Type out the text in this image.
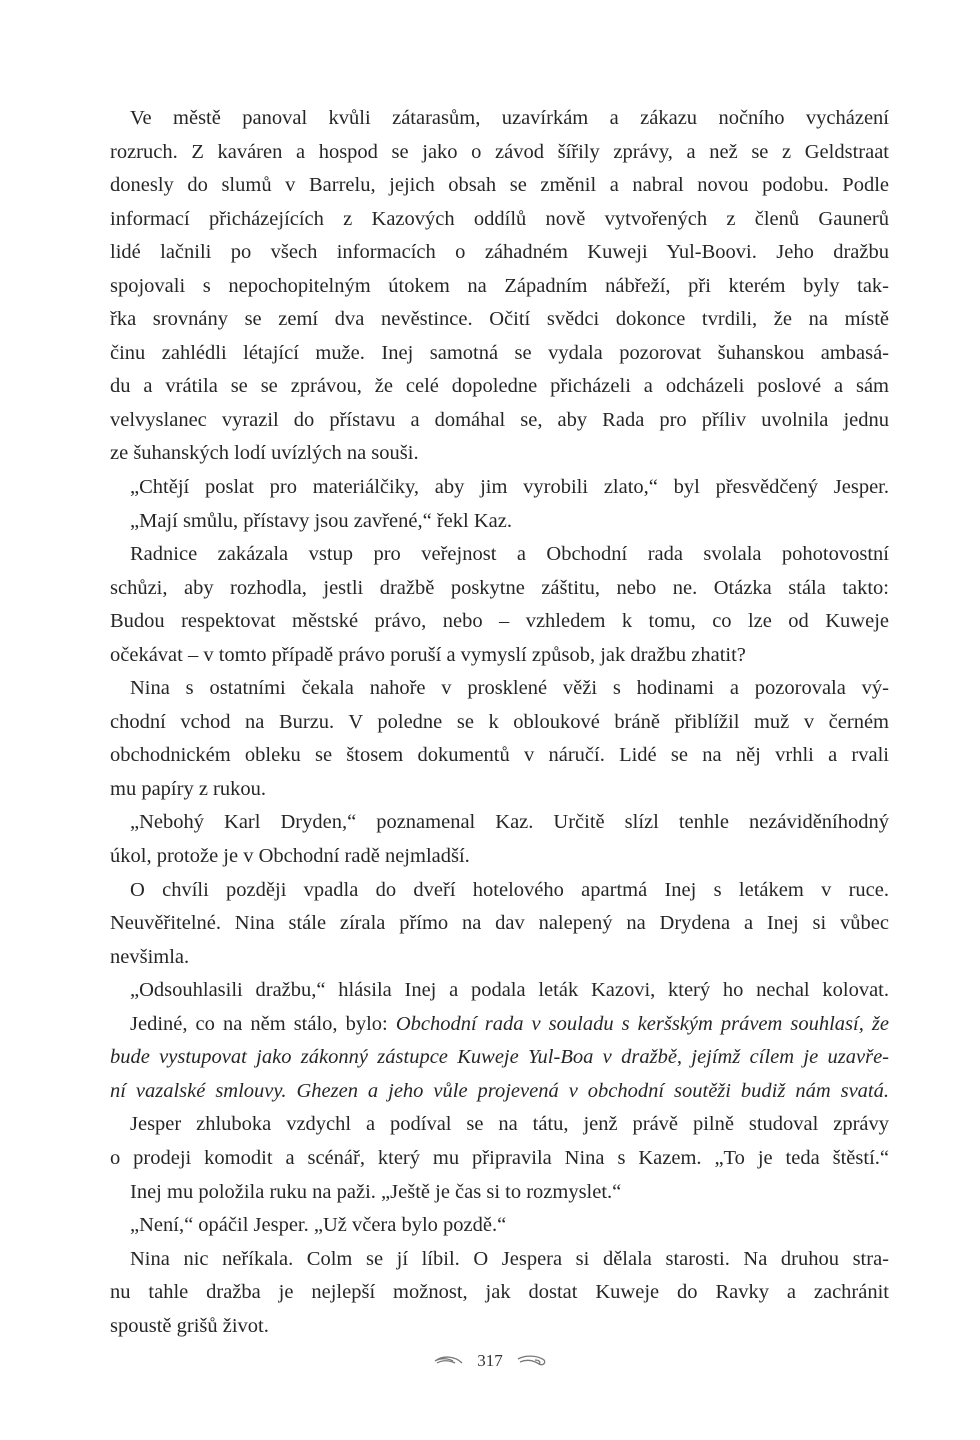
Ve městě panoval kvůli zátarasům, uzavírkám a zákazu nočního vycházení
rozruch. Z kaváren a hospod se jako o závod šířily zprávy, a než se z Geldstraat
donesly do slumů v Barrelu, jejich obsah se změnil a nabral novou podobu. Podle
informací přicházejících z Kazových oddílů nově vytvořených z členů Gaunerů
lidé lačnili po všech informacích o záhadném Kuweji Yul-Boovi. Jeho dražbu
spojovali s nepochopitelným útokem na Západním nábřeží, při kterém byly tak-
řka srovnány se zemí dva nevěstince. Očití svědci dokonce tvrdili, že na místě
činu zahlédli létající muže. Inej samotná se vydala pozorovat šuhanskou ambasá-
du a vrátila se se zprávou, že celé dopoledne přicházeli a odcházeli poslové a sám
velvyslanec vyrazil do přístavu a domáhal se, aby Rada pro příliv uvolnila jednu
ze šuhanských lodí uvízlých na souši.
„Chtějí poslat pro materiálčiky, aby jim vyrobili zlato,“ byl přesvědčený Jesper.
„Mají smůlu, přístavy jsou zavřené,“ řekl Kaz.
Radnice zakázala vstup pro veřejnost a Obchodní rada svolala pohotovostní
schůzi, aby rozhodla, jestli dražbě poskytne záštitu, nebo ne. Otázka stála takto:
Budou respektovat městské právo, nebo – vzhledem k tomu, co lze od Kuweje
očekávat – v tomto případě právo poruší a vymyslí způsob, jak dražbu zhatit?
Nina s ostatními čekala nahoře v prosklené věži s hodinami a pozorovala vý-
chodní vchod na Burzu. V poledne se k obloukové bráně přiblížil muž v černém
obchodnickém obleku se štosem dokumentů v náručí. Lidé se na něj vrhli a rvali
mu papíry z rukou.
„Nebohý Karl Dryden,“ poznamenal Kaz. Určitě slízl tenhle nezáviděníhodný
úkol, protože je v Obchodní radě nejmladší.
O chvíli později vpadla do dveří hotelového apartmá Inej s letákem v ruce.
Neuvěřitelné. Nina stále zírala přímo na dav nalepený na Drydena a Inej si vůbec
nevšimla.
„Odsouhlasili dražbu,“ hlásila Inej a podala leták Kazovi, který ho nechal kolovat.
Jediné, co na něm stálo, bylo: Obchodní rada v souladu s keršským právem souhlasí, že
bude vystupovat jako zákonný zástupce Kuweje Yul-Boa v dražbě, jejímž cílem je uzavře-
ní vazalské smlouvy. Ghezen a jeho vůle projevená v obchodní soutěži budiž nám svatá.
Jesper zhluboka vzdychl a podíval se na tátu, jenž právě pilně studoval zprávy
o prodeji komodit a scénář, který mu připravila Nina s Kazem. „To je teda štěstí.“
Inej mu položila ruku na paži. „Ještě je čas si to rozmyslet.“
„Není,“ opáčil Jesper. „Už včera bylo pozdě.“
Nina nic neříkala. Colm se jí líbil. O Jespera si dělala starosti. Na druhou stra-
nu tahle dražba je nejlepší možnost, jak dostat Kuweje do Ravky a zachránit
spoustě grišů život.
317
